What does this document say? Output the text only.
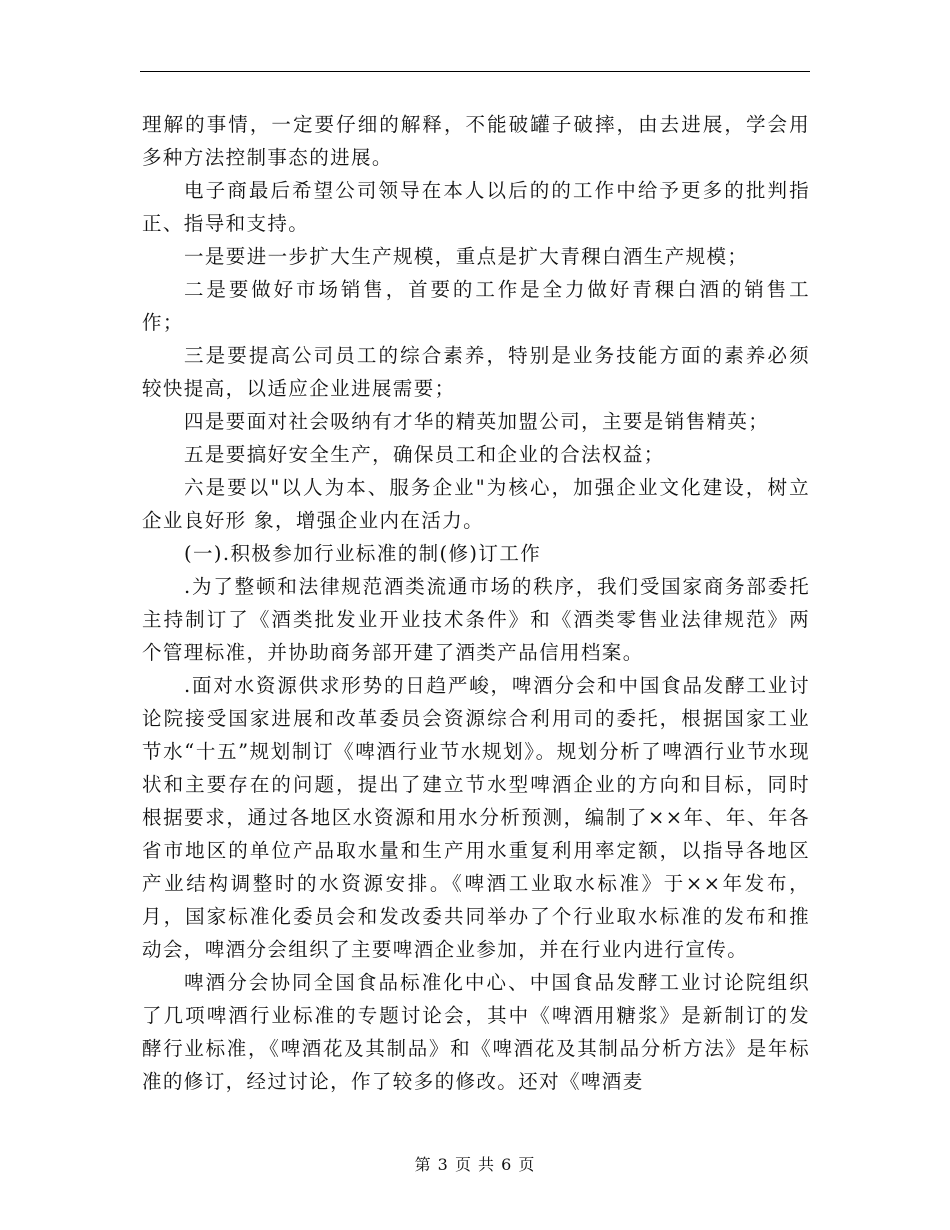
理解的事情，一定要仔细的解释，不能破罐子破摔，由去进展，学会用多种方法控制事态的进展。

电子商最后希望公司领导在本人以后的的工作中给予更多的批判指正、指导和支持。

一是要进一步扩大生产规模，重点是扩大青稞白酒生产规模；

二是要做好市场销售，首要的工作是全力做好青稞白酒的销售工作；

三是要提高公司员工的综合素养，特别是业务技能方面的素养必须较快提高，以适应企业进展需要；

四是要面对社会吸纳有才华的精英加盟公司，主要是销售精英；

五是要搞好安全生产，确保员工和企业的合法权益；

六是要以"以人为本、服务企业"为核心，加强企业文化建设，树立企业良好形 象，增强企业内在活力。

(一).积极参加行业标准的制(修)订工作

.为了整顿和法律规范酒类流通市场的秩序，我们受国家商务部委托主持制订了《酒类批发业开业技术条件》和《酒类零售业法律规范》两个管理标准，并协助商务部开建了酒类产品信用档案。

.面对水资源供求形势的日趋严峻，啤酒分会和中国食品发酵工业讨论院接受国家进展和改革委员会资源综合利用司的委托，根据国家工业节水“十五”规划制订《啤酒行业节水规划》。规划分析了啤酒行业节水现状和主要存在的问题，提出了建立节水型啤酒企业的方向和目标，同时根据要求，通过各地区水资源和用水分析预测，编制了××年、年、年各省市地区的单位产品取水量和生产用水重复利用率定额，以指导各地区产业结构调整时的水资源安排。《啤酒工业取水标准》于××年发布，月，国家标准化委员会和发改委共同举办了个行业取水标准的发布和推动会，啤酒分会组织了主要啤酒企业参加，并在行业内进行宣传。

啤酒分会协同全国食品标准化中心、中国食品发酵工业讨论院组织了几项啤酒行业标准的专题讨论会，其中《啤酒用糖浆》是新制订的发酵行业标准，《啤酒花及其制品》和《啤酒花及其制品分析方法》是年标准的修订，经过讨论，作了较多的修改。还对《啤酒麦

第 3 页 共 6 页
